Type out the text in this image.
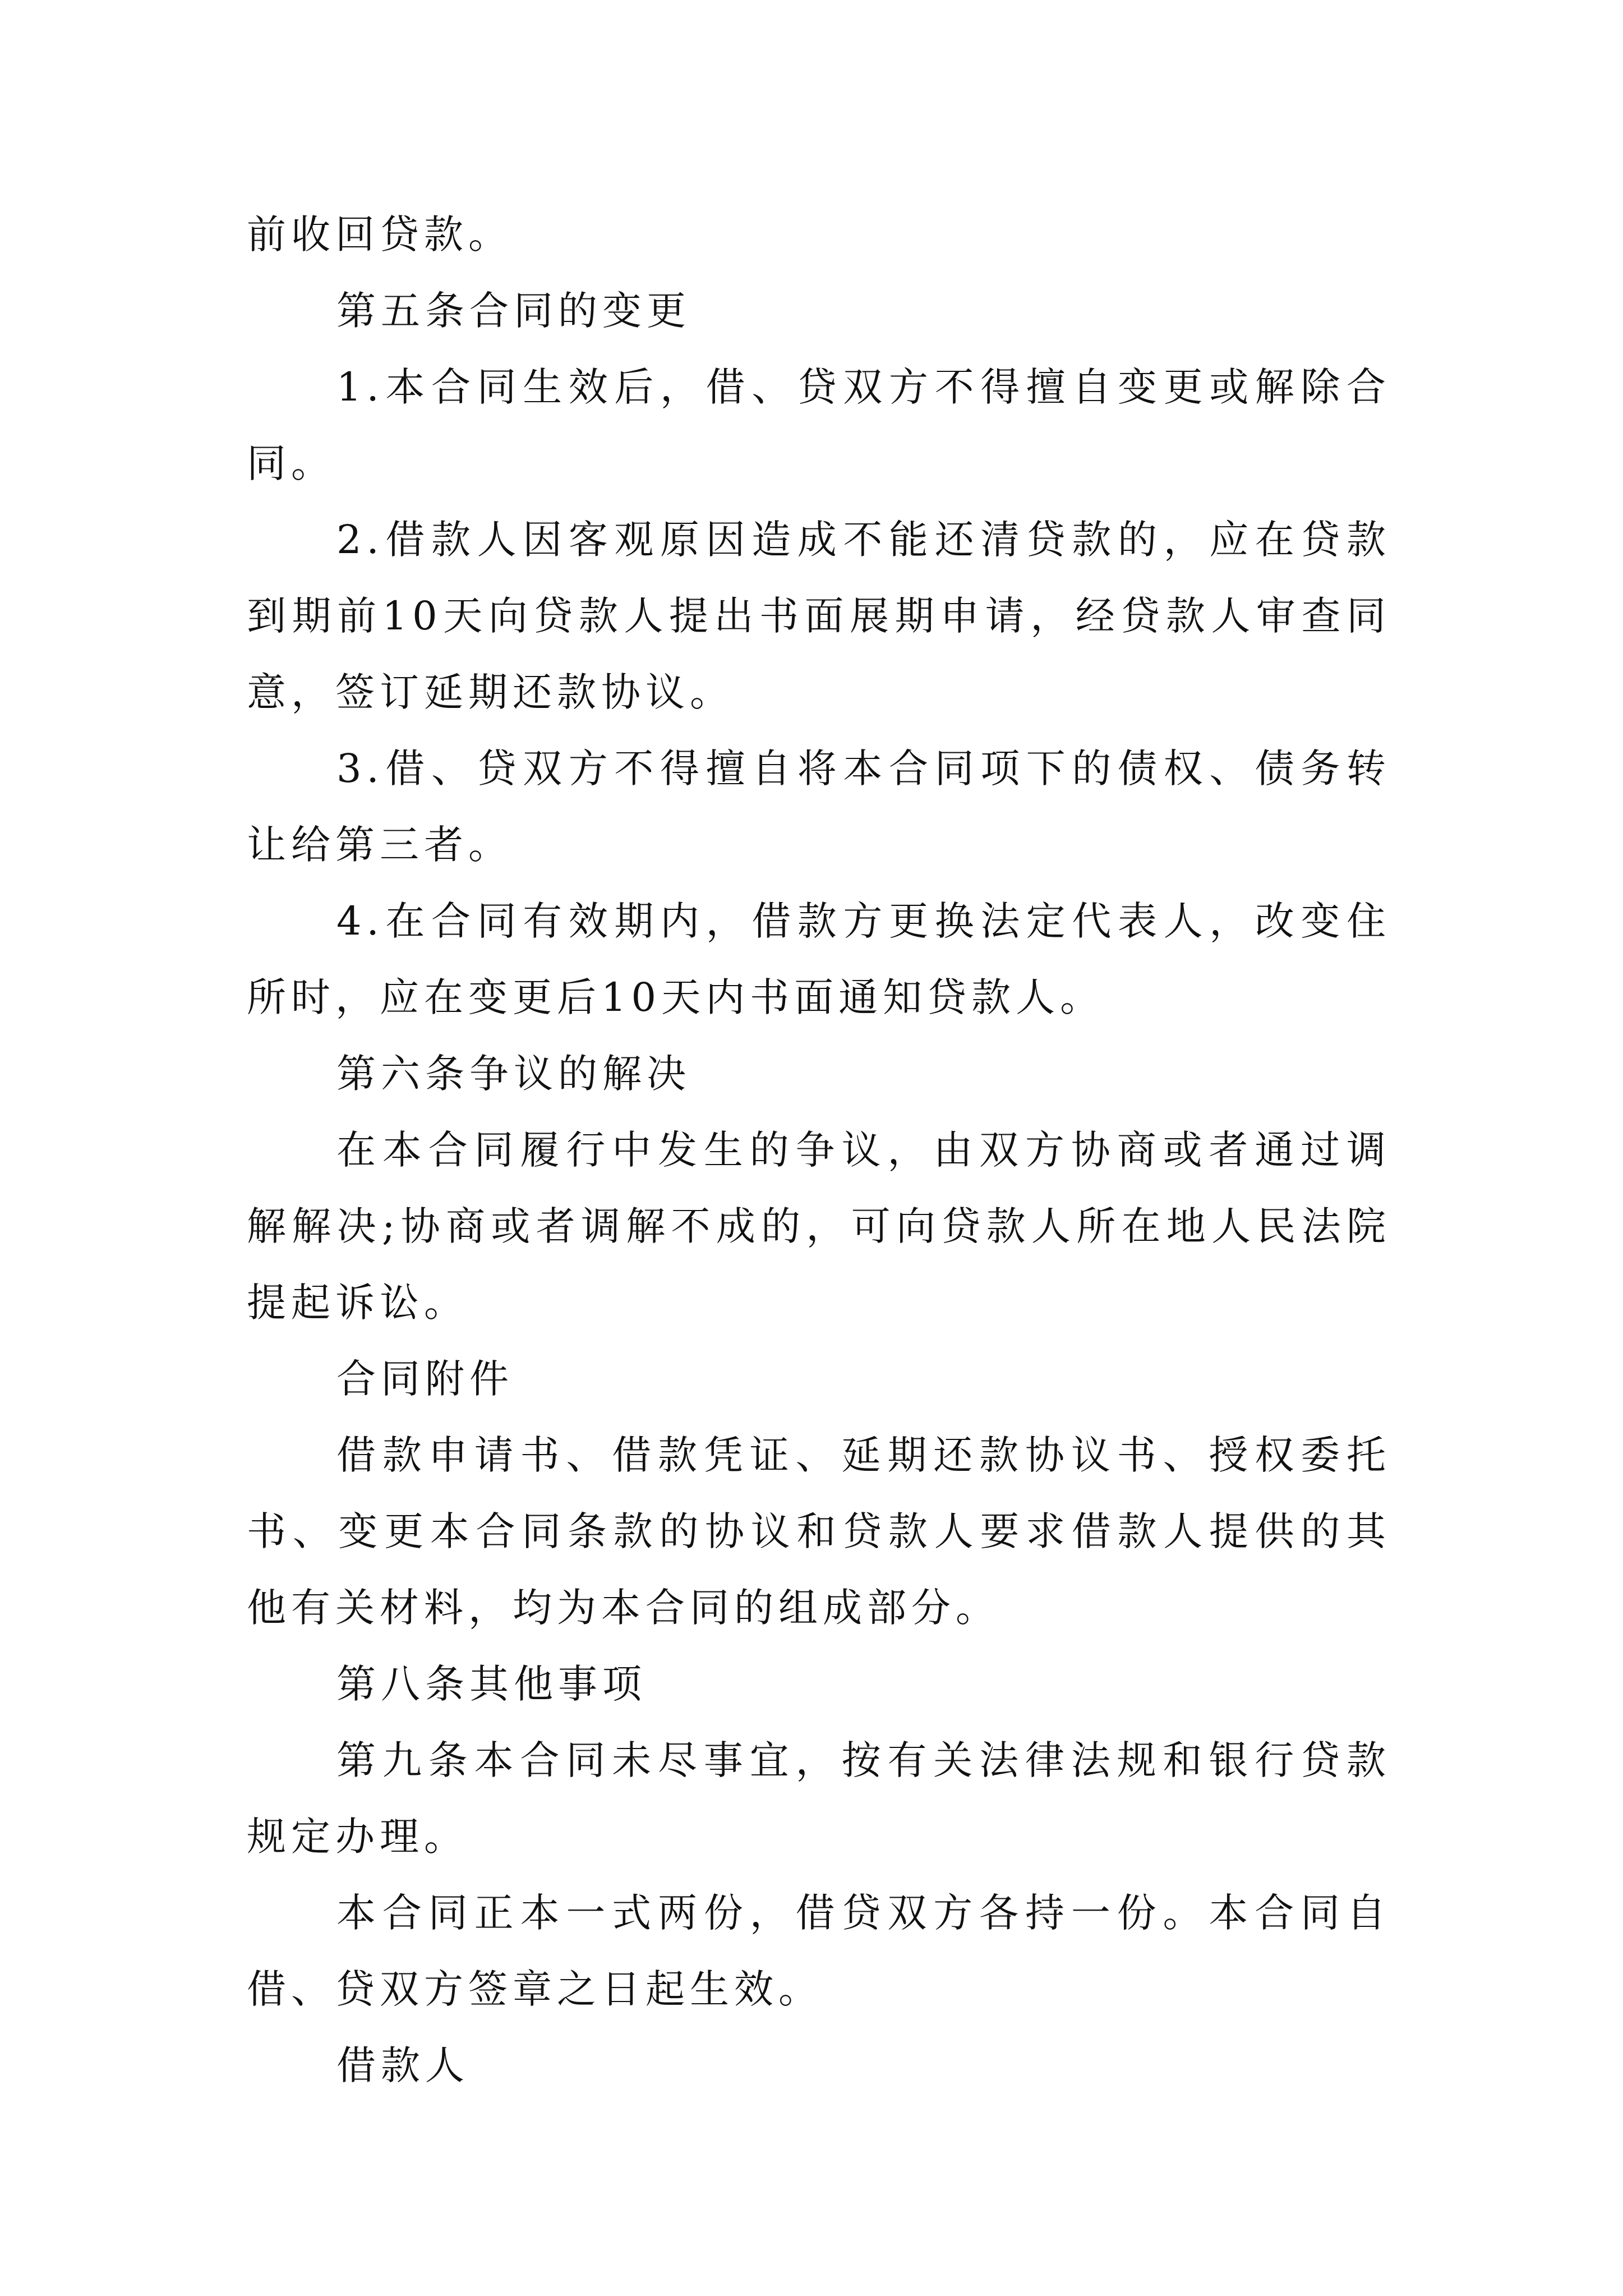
前收回贷款。

第五条合同的变更

1.本合同生效后，借、贷双方不得擅自变更或解除合同。

2.借款人因客观原因造成不能还清贷款的，应在贷款到期前10天向贷款人提出书面展期申请，经贷款人审查同意，签订延期还款协议。

3.借、贷双方不得擅自将本合同项下的债权、债务转让给第三者。

4.在合同有效期内，借款方更换法定代表人，改变住所时，应在变更后10天内书面通知贷款人。

第六条争议的解决

在本合同履行中发生的争议，由双方协商或者通过调解解决;协商或者调解不成的，可向贷款人所在地人民法院提起诉讼。

合同附件

借款申请书、借款凭证、延期还款协议书、授权委托书、变更本合同条款的协议和贷款人要求借款人提供的其他有关材料，均为本合同的组成部分。

第八条其他事项

第九条本合同未尽事宜，按有关法律法规和银行贷款规定办理。

本合同正本一式两份，借贷双方各持一份。本合同自借、贷双方签章之日起生效。

借款人
